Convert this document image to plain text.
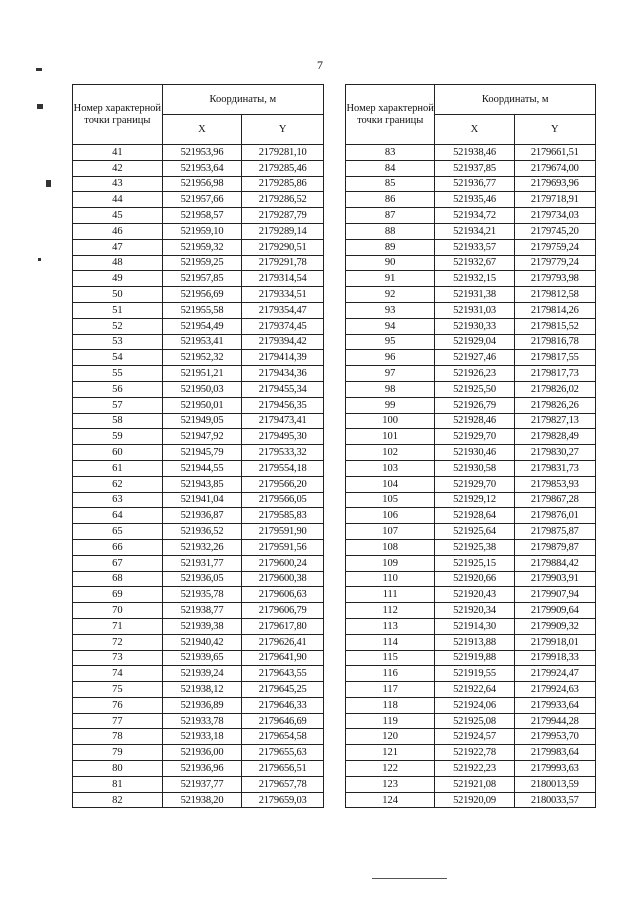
7
Номер характерной точки границы	Координаты, м	
	X	Y
41	521953,96	2179281,10
42	521953,64	2179285,46
43	521956,98	2179285,86
44	521957,66	2179286,52
45	521958,57	2179287,79
46	521959,10	2179289,14
47	521959,32	2179290,51
48	521959,25	2179291,78
49	521957,85	2179314,54
50	521956,69	2179334,51
51	521955,58	2179354,47
52	521954,49	2179374,45
53	521953,41	2179394,42
54	521952,32	2179414,39
55	521951,21	2179434,36
56	521950,03	2179455,34
57	521950,01	2179456,35
58	521949,05	2179473,41
59	521947,92	2179495,30
60	521945,79	2179533,32
61	521944,55	2179554,18
62	521943,85	2179566,20
63	521941,04	2179566,05
64	521936,87	2179585,83
65	521936,52	2179591,90
66	521932,26	2179591,56
67	521931,77	2179600,24
68	521936,05	2179600,38
69	521935,78	2179606,63
70	521938,77	2179606,79
71	521939,38	2179617,80
72	521940,42	2179626,41
73	521939,65	2179641,90
74	521939,24	2179643,55
75	521938,12	2179645,25
76	521936,89	2179646,33
77	521933,78	2179646,69
78	521933,18	2179654,58
79	521936,00	2179655,63
80	521936,96	2179656,51
81	521937,77	2179657,78
82	521938,20	2179659,03
Номер характерной точки границы	Координаты, м	
	X	Y
83	521938,46	2179661,51
84	521937,85	2179674,00
85	521936,77	2179693,96
86	521935,46	2179718,91
87	521934,72	2179734,03
88	521934,21	2179745,20
89	521933,57	2179759,24
90	521932,67	2179779,24
91	521932,15	2179793,98
92	521931,38	2179812,58
93	521931,03	2179814,26
94	521930,33	2179815,52
95	521929,04	2179816,78
96	521927,46	2179817,55
97	521926,23	2179817,73
98	521925,50	2179826,02
99	521926,79	2179826,26
100	521928,46	2179827,13
101	521929,70	2179828,49
102	521930,46	2179830,27
103	521930,58	2179831,73
104	521929,70	2179853,93
105	521929,12	2179867,28
106	521928,64	2179876,01
107	521925,64	2179875,87
108	521925,38	2179879,87
109	521925,15	2179884,42
110	521920,66	2179903,91
111	521920,43	2179907,94
112	521920,34	2179909,64
113	521914,30	2179909,32
114	521913,88	2179918,01
115	521919,88	2179918,33
116	521919,55	2179924,47
117	521922,64	2179924,63
118	521924,06	2179933,64
119	521925,08	2179944,28
120	521924,57	2179953,70
121	521922,78	2179983,64
122	521922,23	2179993,63
123	521921,08	2180013,59
124	521920,09	2180033,57
